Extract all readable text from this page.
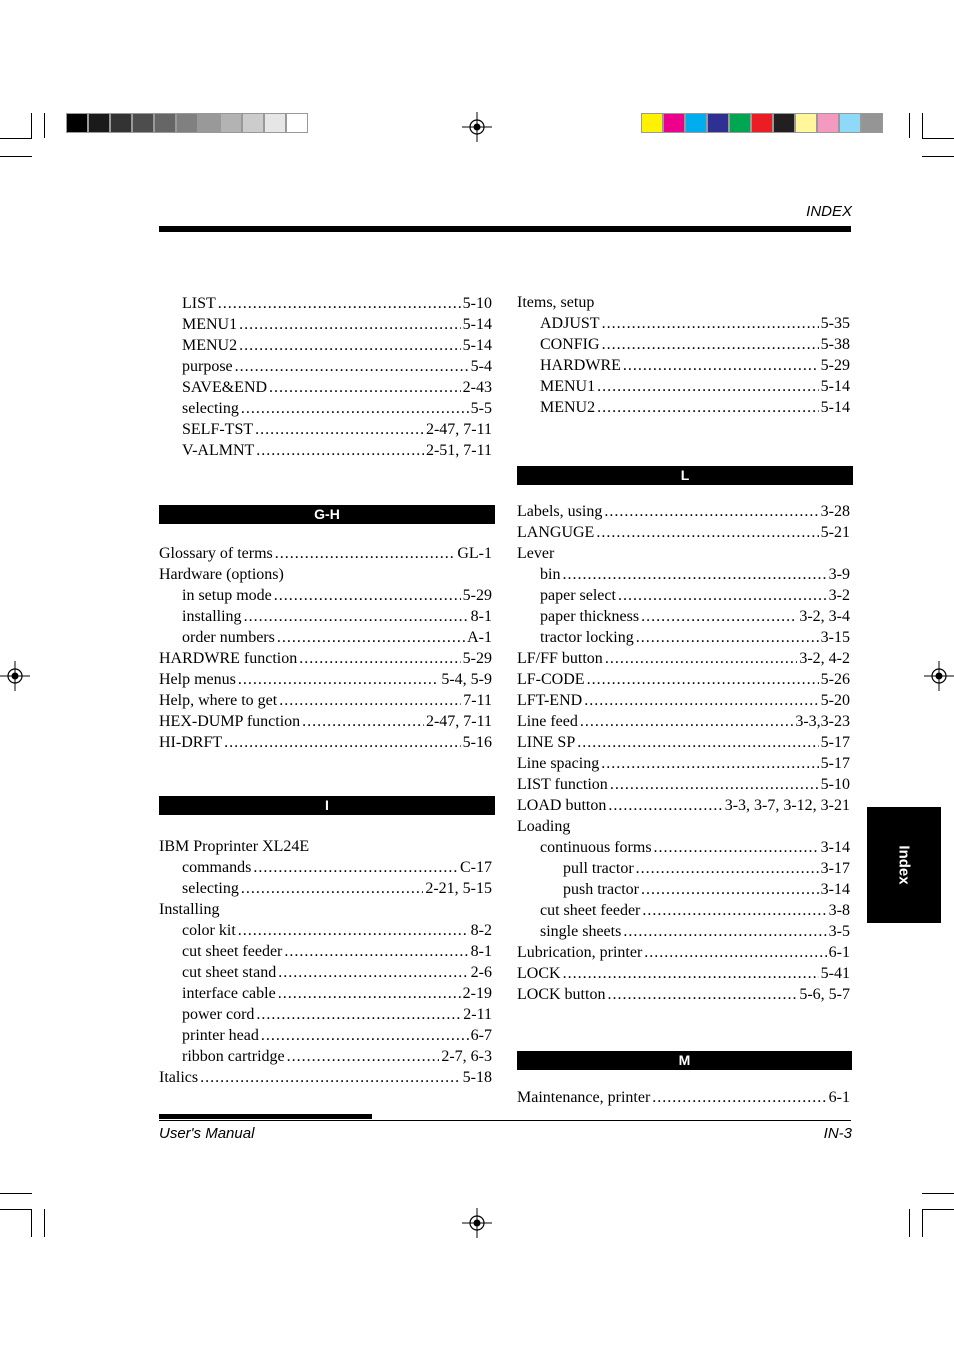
INDEX
LIST .....	5-10
MENU1 .....	5-14
MENU2 .....	5-14
purpose .....	5-4
SAVE&END .....	2-43
selecting .....	5-5
SELF-TST .....	2-47, 7-11
V-ALMNT .....	2-51, 7-11
G-H
Glossary of terms .....	GL-1
Hardware (options)
in setup mode .....	5-29
installing .....	8-1
order numbers .....	A-1
HARDWRE function .....	5-29
Help menus .....	5-4, 5-9
Help, where to get .....	7-11
HEX-DUMP function .....	2-47, 7-11
HI-DRFT .....	5-16
I
IBM Proprinter XL24E
commands .....	C-17
selecting .....	2-21, 5-15
Installing
color kit .....	8-2
cut sheet feeder .....	8-1
cut sheet stand .....	2-6
interface cable .....	2-19
power cord .....	2-11
printer head .....	6-7
ribbon cartridge .....	2-7, 6-3
Italics .....	5-18
Items, setup
ADJUST .....	5-35
CONFIG .....	5-38
HARDWRE .....	5-29
MENU1 .....	5-14
MENU2 .....	5-14
L
Labels, using .....	3-28
LANGUGE .....	5-21
Lever
bin .....	3-9
paper select .....	3-2
paper thickness .....	3-2, 3-4
tractor locking .....	3-15
LF/FF button .....	3-2, 4-2
LF-CODE .....	5-26
LFT-END .....	5-20
Line feed .....	3-3,3-23
LINE SP .....	5-17
Line spacing .....	5-17
LIST function .....	5-10
LOAD button .....	3-3, 3-7, 3-12, 3-21
Loading
continuous forms .....	3-14
pull tractor .....	3-17
push tractor .....	3-14
cut sheet feeder .....	3-8
single sheets .....	3-5
Lubrication, printer .....	6-1
LOCK .....	5-41
LOCK button .....	5-6, 5-7
M
Maintenance, printer .....	6-1
Index
User's Manual	IN-3
